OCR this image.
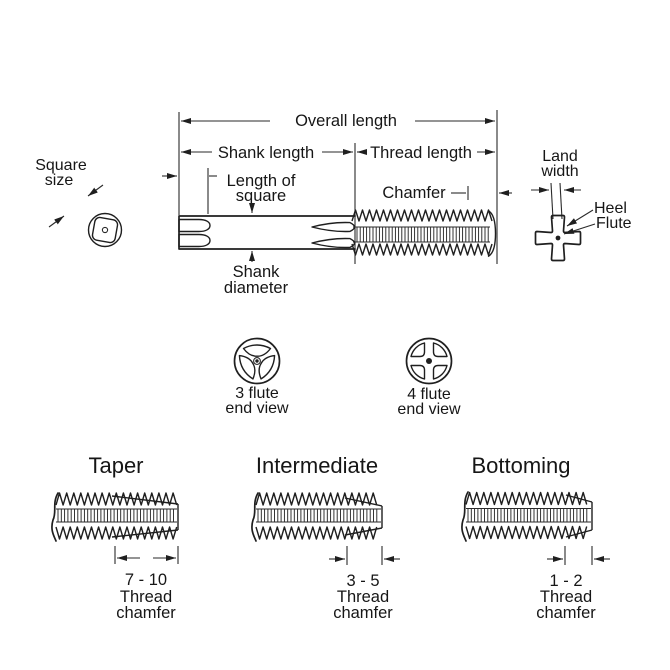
Overall length
Shank length	Thread length
Length of
square	Chamfer
Shank
diameter
Square
size
Land
width
Heel
Flute
3 flute
end view
4 flute
end view
Taper
7 - 10
Thread
chamfer
Intermediate
3 - 5
Thread
chamfer
Bottoming
1 - 2
Thread
chamfer
